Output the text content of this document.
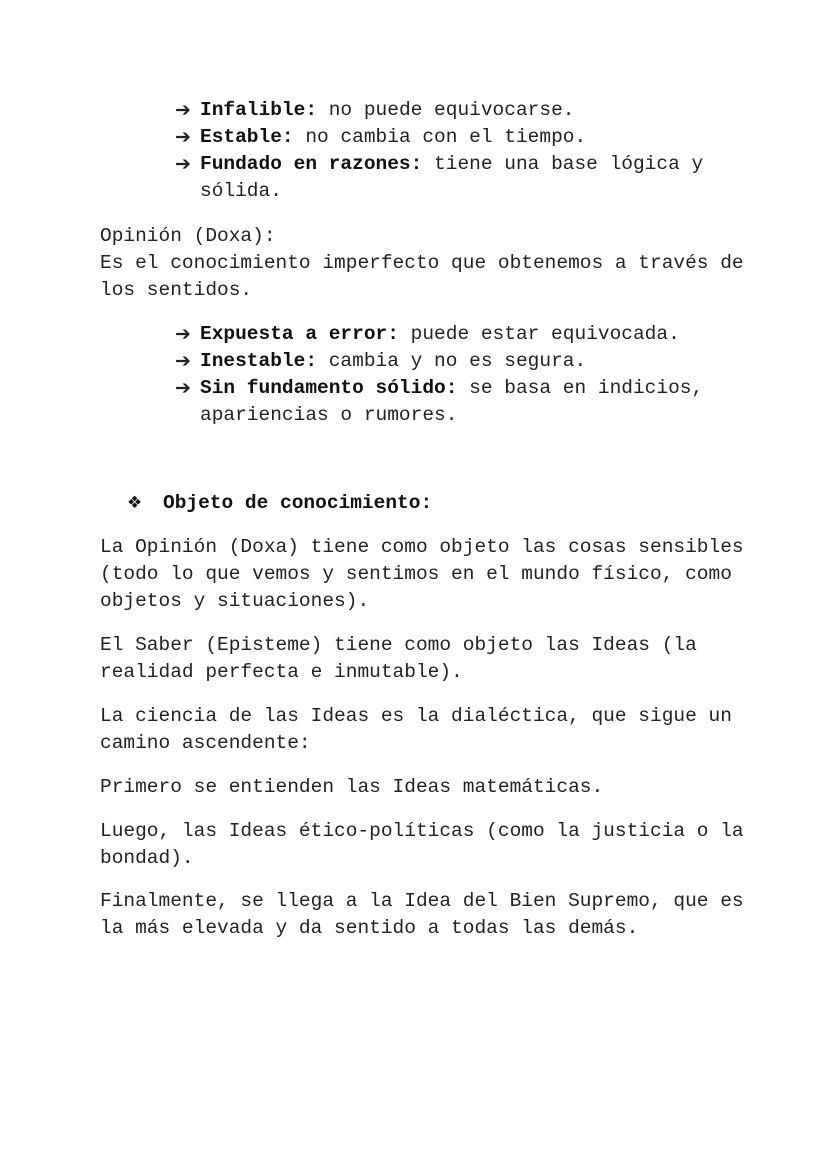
➔ Infalible: no puede equivocarse.
➔ Estable: no cambia con el tiempo.
➔ Fundado en razones: tiene una base lógica y sólida.

Opinión (Doxa):

Es el conocimiento imperfecto que obtenemos a través de los sentidos.

➔ Expuesta a error: puede estar equivocada.
➔ Inestable: cambia y no es segura.
➔ Sin fundamento sólido: se basa en indicios, apariencias o rumores.
❖ Objeto de conocimiento:

La Opinión (Doxa) tiene como objeto las cosas sensibles (todo lo que vemos y sentimos en el mundo físico, como objetos y situaciones).

El Saber (Episteme) tiene como objeto las Ideas (la realidad perfecta e inmutable).

La ciencia de las Ideas es la dialéctica, que sigue un camino ascendente:

Primero se entienden las Ideas matemáticas.

Luego, las Ideas ético-políticas (como la justicia o la bondad).

Finalmente, se llega a la Idea del Bien Supremo, que es la más elevada y da sentido a todas las demás.
